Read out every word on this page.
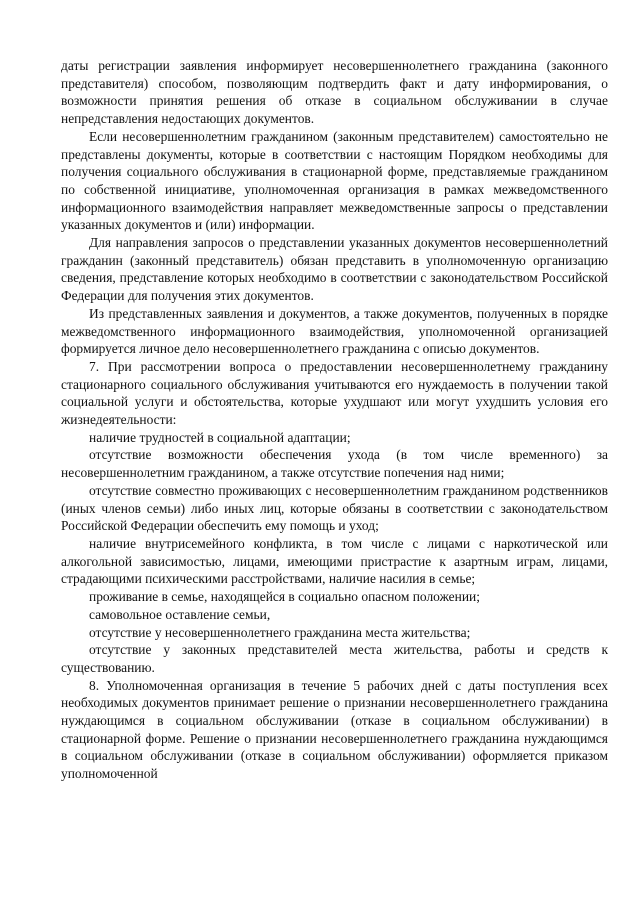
даты регистрации заявления информирует несовершеннолетнего гражданина (законного представителя) способом, позволяющим подтвердить факт и дату информирования, о возможности принятия решения об отказе в социальном обслуживании в случае непредставления недостающих документов.

Если несовершеннолетним гражданином (законным представителем) самостоятельно не представлены документы, которые в соответствии с настоящим Порядком необходимы для получения социального обслуживания в стационарной форме, представляемые гражданином по собственной инициативе, уполномоченная организация в рамках межведомственного информационного взаимодействия направляет межведомственные запросы о представлении указанных документов и (или) информации.

Для направления запросов о представлении указанных документов несовершеннолетний гражданин (законный представитель) обязан представить в уполномоченную организацию сведения, представление которых необходимо в соответствии с законодательством Российской Федерации для получения этих документов.

Из представленных заявления и документов, а также документов, полученных в порядке межведомственного информационного взаимодействия, уполномоченной организацией формируется личное дело несовершеннолетнего гражданина с описью документов.

7. При рассмотрении вопроса о предоставлении несовершеннолетнему гражданину стационарного социального обслуживания учитываются его нуждаемость в получении такой социальной услуги и обстоятельства, которые ухудшают или могут ухудшить условия его жизнедеятельности:

наличие трудностей в социальной адаптации;

отсутствие возможности обеспечения ухода (в том числе временного) за несовершеннолетним гражданином, а также отсутствие попечения над ними;

отсутствие совместно проживающих с несовершеннолетним гражданином родственников (иных членов семьи) либо иных лиц, которые обязаны в соответствии с законодательством Российской Федерации обеспечить ему помощь и уход;

наличие внутрисемейного конфликта, в том числе с лицами с наркотической или алкогольной зависимостью, лицами, имеющими пристрастие к азартным играм, лицами, страдающими психическими расстройствами, наличие насилия в семье;

проживание в семье, находящейся в социально опасном положении;

самовольное оставление семьи,

отсутствие у несовершеннолетнего гражданина места жительства;

отсутствие у законных представителей места жительства, работы и средств к существованию.

8. Уполномоченная организация в течение 5 рабочих дней с даты поступления всех необходимых документов принимает решение о признании несовершеннолетнего гражданина нуждающимся в социальном обслуживании (отказе в социальном обслуживании) в стационарной форме. Решение о признании несовершеннолетнего гражданина нуждающимся в социальном обслуживании (отказе в социальном обслуживании) оформляется приказом уполномоченной
